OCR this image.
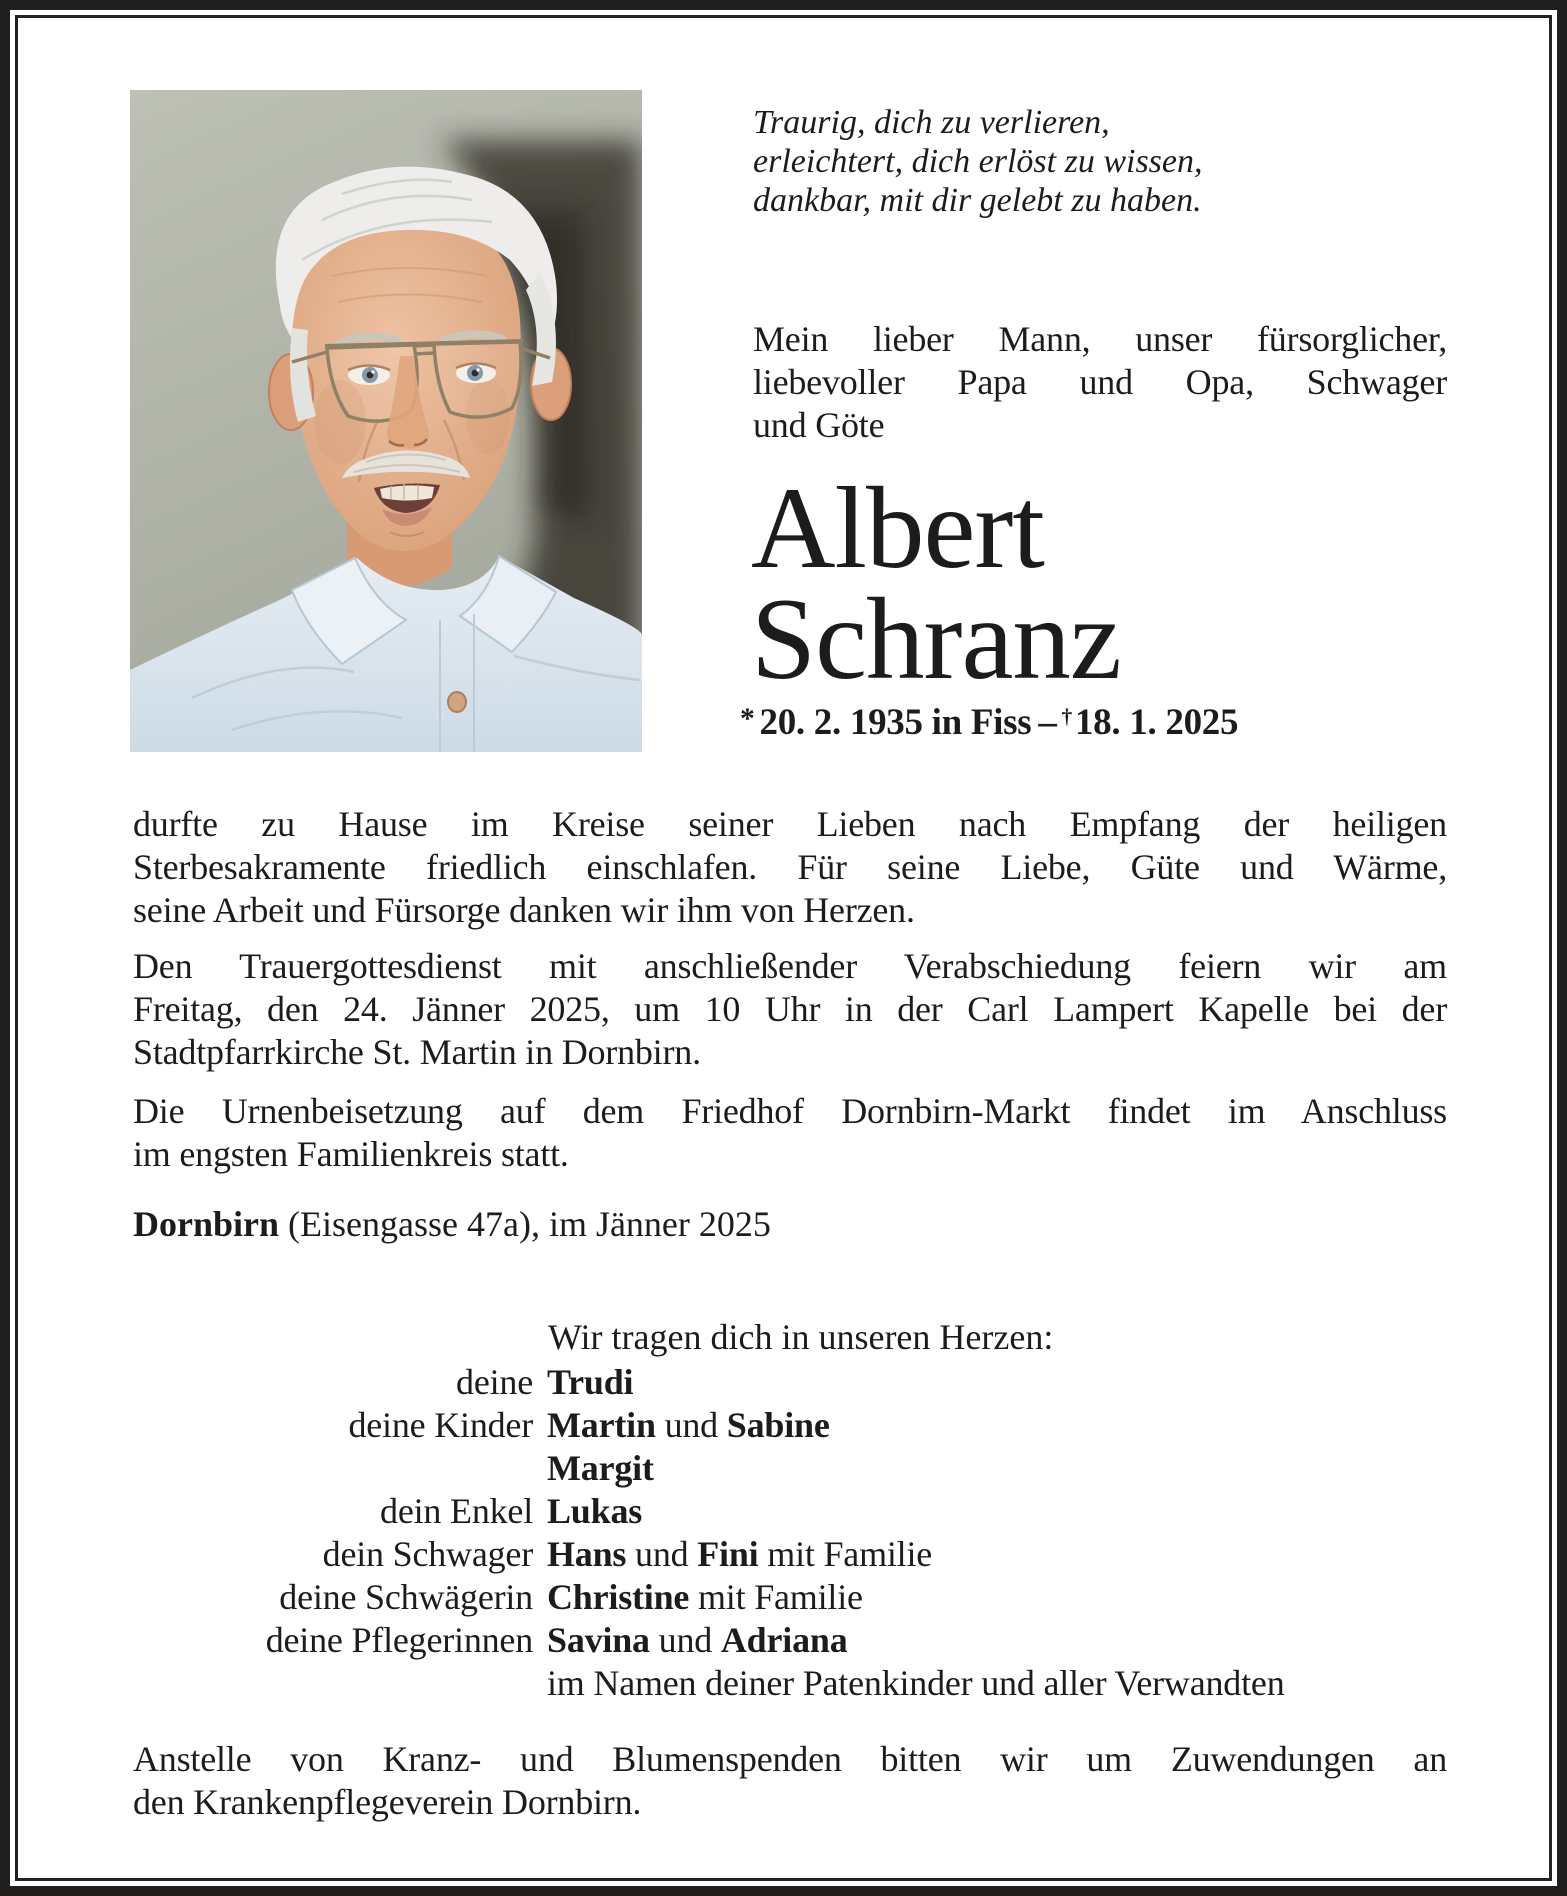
Traurig, dich zu verlieren,
erleichtert, dich erlöst zu wissen,
dankbar, mit dir gelebt zu haben.
Mein lieber Mann, unser fürsorglicher,
liebevoller Papa und Opa, Schwager
und Göte
Albert
Schranz
* 20. 2. 1935 in Fiss – †18. 1. 2025
durfte zu Hause im Kreise seiner Lieben nach Empfang der heiligen
Sterbesakramente friedlich einschlafen. Für seine Liebe, Güte und Wärme,
seine Arbeit und Fürsorge danken wir ihm von Herzen.
Den Trauergottesdienst mit anschließender Verabschiedung feiern wir am
Freitag, den 24. Jänner 2025, um 10 Uhr in der Carl Lampert Kapelle bei der
Stadtpfarrkirche St. Martin in Dornbirn.
Die Urnenbeisetzung auf dem Friedhof Dornbirn-Markt findet im Anschluss
im engsten Familienkreis statt.
Dornbirn (Eisengasse 47a), im Jänner 2025
Wir tragen dich in unseren Herzen:
deine Trudi
deine Kinder Martin und Sabine
Margit
dein Enkel Lukas
dein Schwager Hans und Fini mit Familie
deine Schwägerin Christine mit Familie
deine Pflegerinnen Savina und Adriana
im Namen deiner Patenkinder und aller Verwandten
Anstelle von Kranz- und Blumenspenden bitten wir um Zuwendungen an
den Krankenpflegeverein Dornbirn.
